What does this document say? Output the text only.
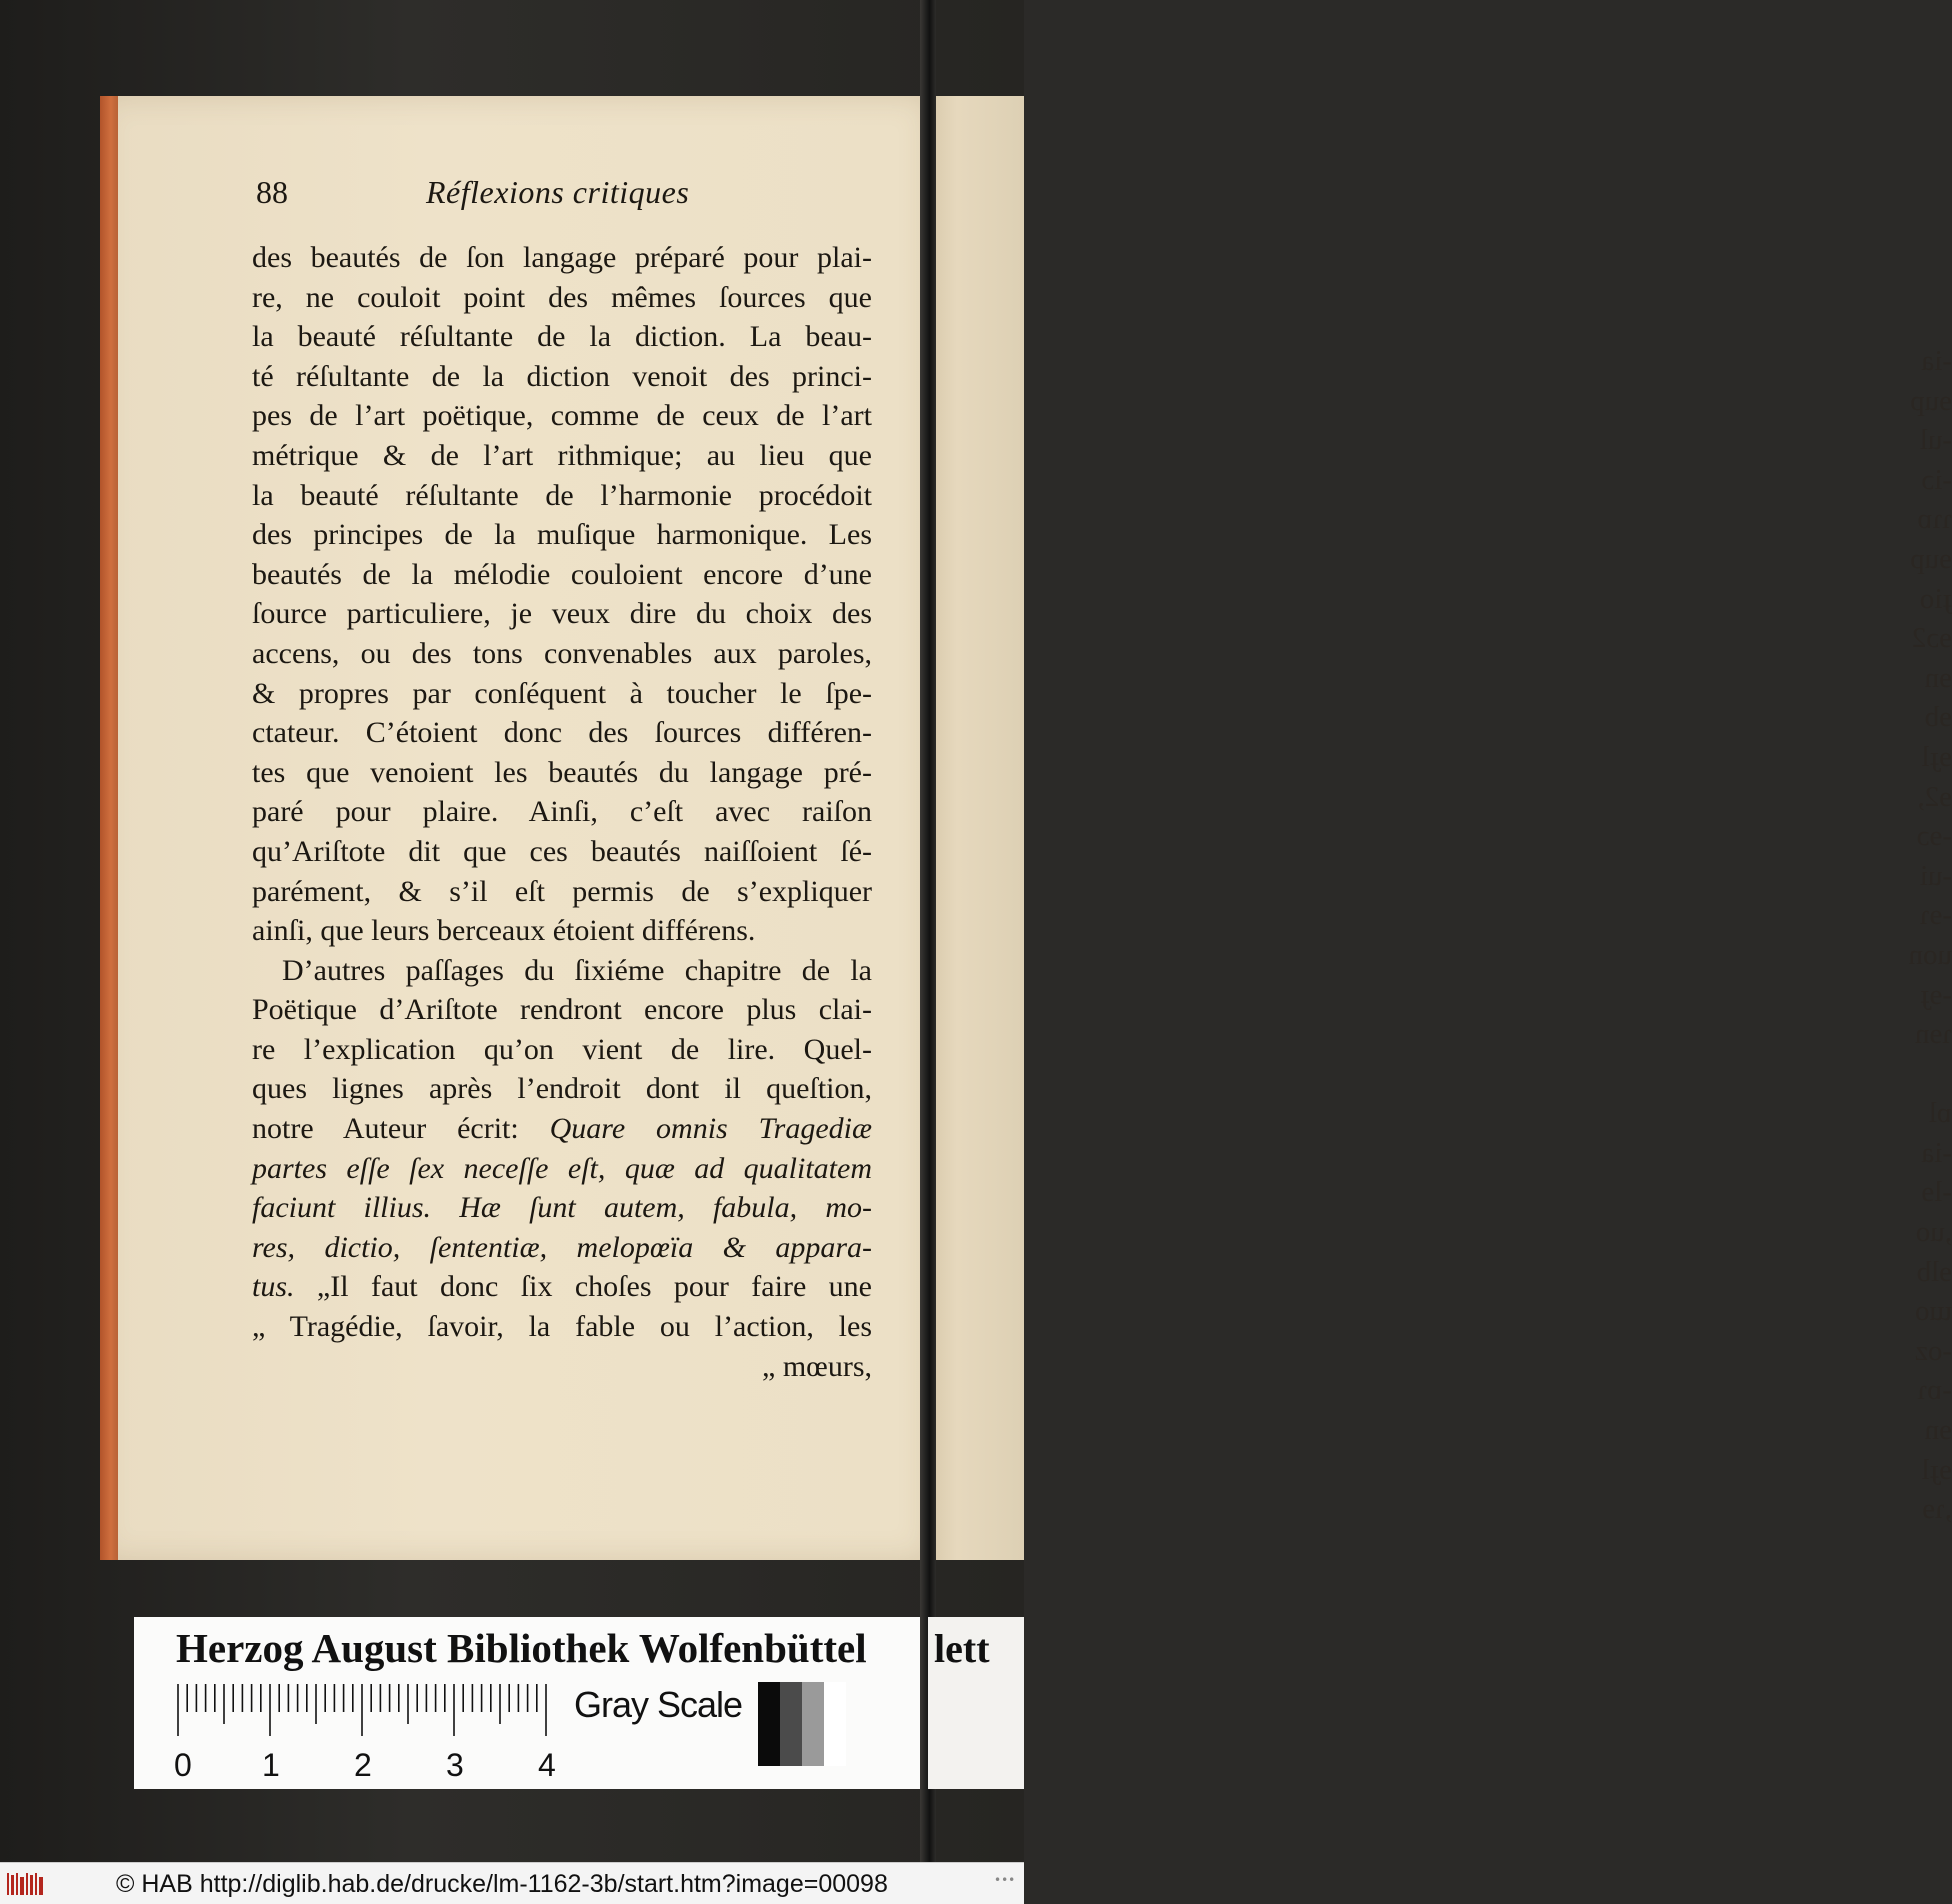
-ia
ɘup
-ul
-iɔ
ɿɿɒ
ɘup
ɟio
ɘɔ2
ɘn
ɘb
ɘɟl
ɘ2,
-ɘɔ
-ui
-ɘɿ
uon
-ɘɟ
ɿɘn
ɒl
-ia
-lɘ
,uo
ɘlb
ɯo
-oz
-ɒɿ
ɘn
ɘɟl
,ɿɘ
88	Réflexions critiques
des beautés de ſon langage préparé pour plai-
re, ne couloit point des mêmes ſources que
la beauté réſultante de la diction. La beau-
té réſultante de la diction venoit des princi-
pes de l’art poëtique, comme de ceux de l’art
métrique & de l’art rithmique; au lieu que
la beauté réſultante de l’harmonie procédoit
des principes de la muſique harmonique. Les
beautés de la mélodie couloient encore d’une
ſource particuliere, je veux dire du choix des
accens, ou des tons convenables aux paroles,
& propres par conſéquent à toucher le ſpe-
ctateur. C’étoient donc des ſources différen-
tes que venoient les beautés du langage pré-
paré pour plaire. Ainſi, c’eſt avec raiſon
qu’Ariſtote dit que ces beautés naiſſoient ſé-
parément, & s’il eſt permis de s’expliquer
ainſi, que leurs berceaux étoient différens.
D’autres paſſages du ſixiéme chapitre de la
Poëtique d’Ariſtote rendront encore plus clai-
re l’explication qu’on vient de lire. Quel-
ques lignes après l’endroit dont il queſtion,
notre Auteur écrit: Quare omnis Tragediæ
partes eſſe ſex neceſſe eſt, quæ ad qualitatem
faciunt illius. Hæ ſunt autem, fabula, mo-
res, dictio, ſententiæ, melopœïa & appara-
tus. „Il faut donc ſix choſes pour faire une
„ Tragédie, ſavoir, la fable ou l’action, les
„ mœurs,
lett
Herzog August Bibliothek Wolfenbüttel
0 1 2 3 4
Gray Scale
© HAB http://diglib.hab.de/drucke/lm-1162-3b/start.htm?image=00098	•••
